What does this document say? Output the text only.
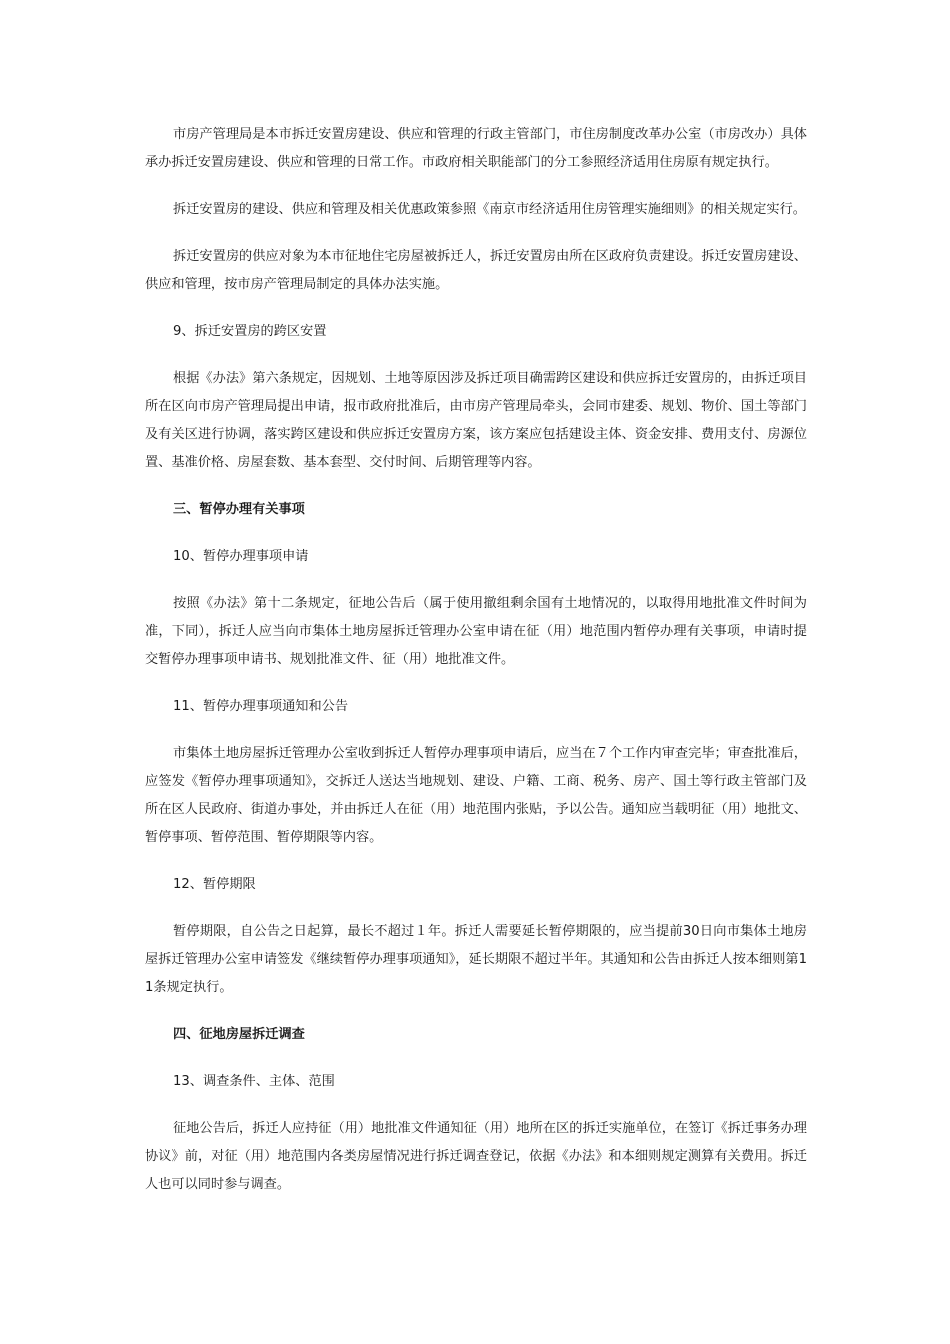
市房产管理局是本市拆迁安置房建设、供应和管理的行政主管部门，市住房制度改革办公室（市房改办）具体承办拆迁安置房建设、供应和管理的日常工作。市政府相关职能部门的分工参照经济适用住房原有规定执行。

拆迁安置房的建设、供应和管理及相关优惠政策参照《南京市经济适用住房管理实施细则》的相关规定实行。

拆迁安置房的供应对象为本市征地住宅房屋被拆迁人，拆迁安置房由所在区政府负责建设。拆迁安置房建设、供应和管理，按市房产管理局制定的具体办法实施。

9、拆迁安置房的跨区安置

根据《办法》第六条规定，因规划、土地等原因涉及拆迁项目确需跨区建设和供应拆迁安置房的，由拆迁项目所在区向市房产管理局提出申请，报市政府批准后，由市房产管理局牵头，会同市建委、规划、物价、国土等部门及有关区进行协调，落实跨区建设和供应拆迁安置房方案，该方案应包括建设主体、资金安排、费用支付、房源位置、基准价格、房屋套数、基本套型、交付时间、后期管理等内容。

三、暂停办理有关事项

10、暂停办理事项申请

按照《办法》第十二条规定，征地公告后（属于使用撤组剩余国有土地情况的，以取得用地批准文件时间为准，下同），拆迁人应当向市集体土地房屋拆迁管理办公室申请在征（用）地范围内暂停办理有关事项，申请时提交暂停办理事项申请书、规划批准文件、征（用）地批准文件。

11、暂停办理事项通知和公告

市集体土地房屋拆迁管理办公室收到拆迁人暂停办理事项申请后，应当在７个工作内审查完毕；审查批准后，应签发《暂停办理事项通知》，交拆迁人送达当地规划、建设、户籍、工商、税务、房产、国土等行政主管部门及所在区人民政府、街道办事处，并由拆迁人在征（用）地范围内张贴，予以公告。通知应当载明征（用）地批文、暂停事项、暂停范围、暂停期限等内容。

12、暂停期限

暂停期限，自公告之日起算，最长不超过１年。拆迁人需要延长暂停期限的，应当提前30日向市集体土地房屋拆迁管理办公室申请签发《继续暂停办理事项通知》，延长期限不超过半年。其通知和公告由拆迁人按本细则第11条规定执行。

四、征地房屋拆迁调查

13、调查条件、主体、范围

征地公告后，拆迁人应持征（用）地批准文件通知征（用）地所在区的拆迁实施单位，在签订《拆迁事务办理协议》前，对征（用）地范围内各类房屋情况进行拆迁调查登记，依据《办法》和本细则规定测算有关费用。拆迁人也可以同时参与调查。
